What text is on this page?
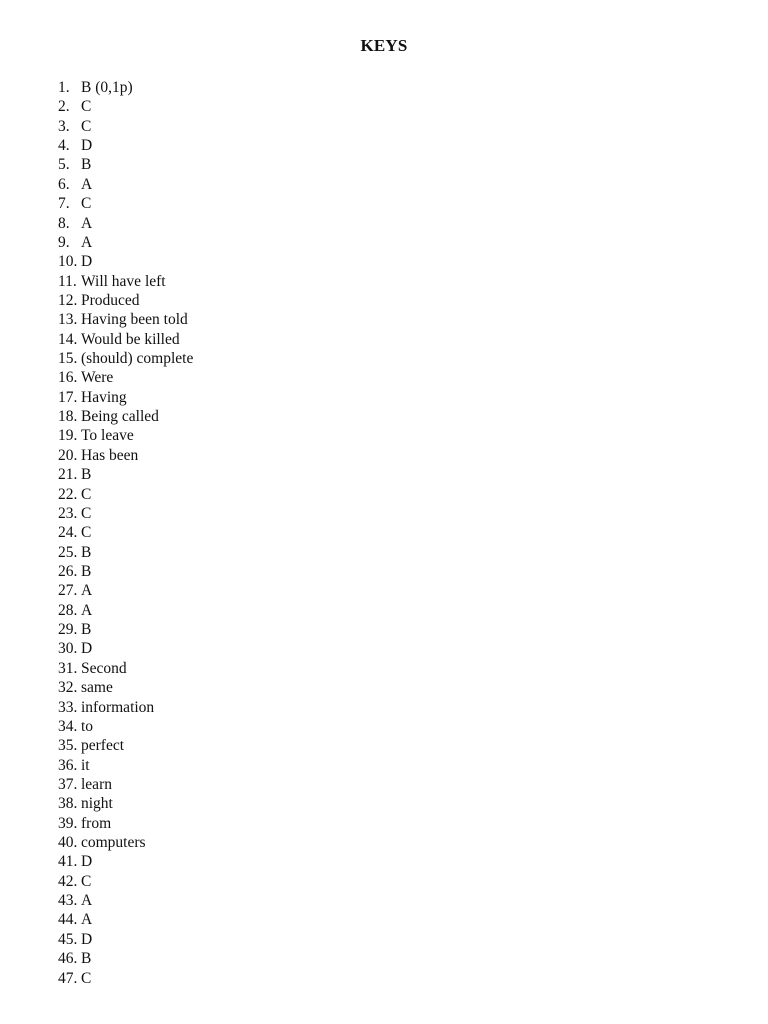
KEYS
1. B (0,1p)
2. C
3. C
4. D
5. B
6. A
7. C
8. A
9. A
10. D
11. Will have left
12. Produced
13. Having been told
14. Would be killed
15. (should) complete
16. Were
17. Having
18. Being called
19. To leave
20. Has been
21. B
22. C
23. C
24. C
25. B
26. B
27. A
28. A
29. B
30. D
31. Second
32. same
33. information
34. to
35. perfect
36. it
37. learn
38. night
39. from
40. computers
41. D
42. C
43. A
44. A
45. D
46. B
47. C
